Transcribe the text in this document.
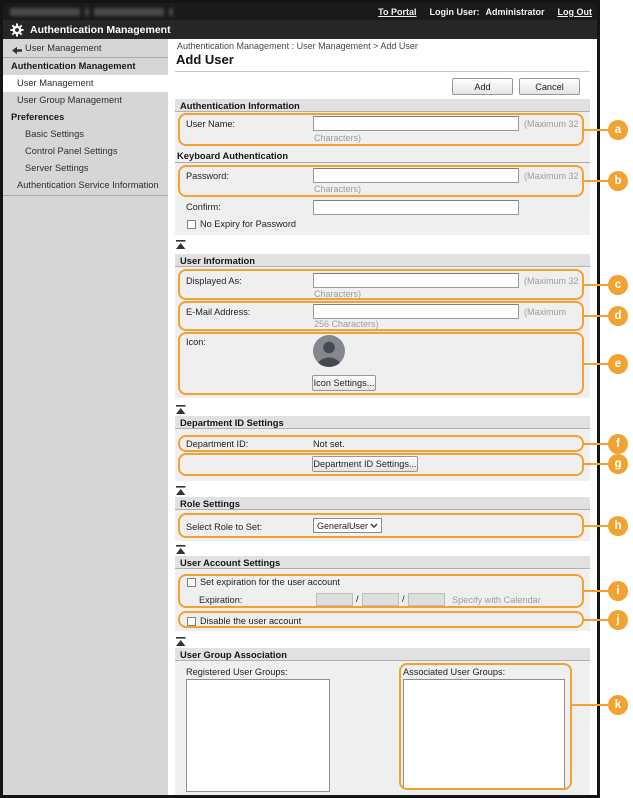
To Portal Login User: Administrator Log Out
Authentication Management
User Management
Authentication Management
User Management
User Group Management
Preferences
Basic Settings
Control Panel Settings
Server Settings
Authentication Service Information
Authentication Management : User Management > Add User
Add User
Add	Cancel
Authentication Information
User Name:	(Maximum 32
Characters)
Keyboard Authentication
Password:	(Maximum 32
Characters)
Confirm:
No Expiry for Password
User Information
Displayed As:	(Maximum 32
Characters)
E-Mail Address:	(Maximum
256 Characters)
Icon:
Icon Settings...
Department ID Settings
Department ID:	Not set.
Department ID Settings...
Role Settings
Select Role to Set:	GeneralUser
User Account Settings
Set expiration for the user account
Expiration:	/	/	Specify with Calendar
Disable the user account
User Group Association
Registered User Groups:	Associated User Groups:
a
b
c
d
e
f
g
h
i
j
k
